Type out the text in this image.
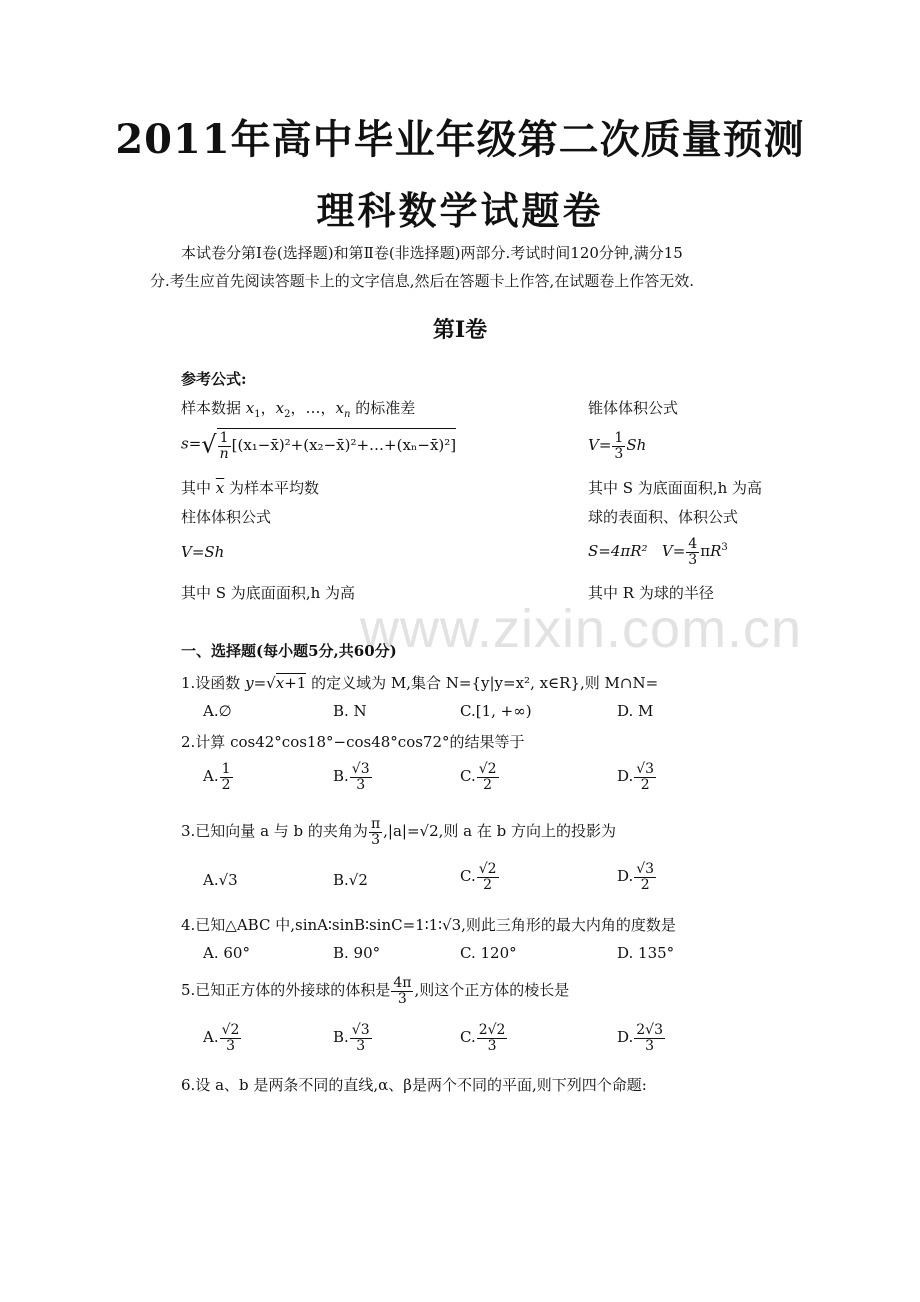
2011年高中毕业年级第二次质量预测
理科数学试题卷
本试卷分第Ⅰ卷(选择题)和第Ⅱ卷(非选择题)两部分.考试时间120分钟,满分15
分.考生应首先阅读答题卡上的文字信息,然后在答题卡上作答,在试题卷上作答无效.
第Ⅰ卷
www.zixin.com.cn
参考公式:
样本数据 $x_1$，$x_2$，…，$x_n$ 的标准差
$s=√ \frac{1}{n}$ [(x₁−x̄)²+(x₂−x̄)²+…+(xₙ−x̄)²]
其中 $\overline{x}$ 为样本平均数
柱体体积公式
V=Sh
其中 S 为底面面积,h 为高
锥体体积公式
$V= \frac{1}{3}$ Sh
其中 S 为底面面积,h 为高
球的表面积、体积公式
S=4πR² $V= \frac{4}{3} \pi R^3$
其中 R 为球的半径
一、选择题(每小题5分,共60分)
1.设函数 y=√x+1 的定义域为 M,集合 N={y|y=x², x∈R},则 M∩N=
A.∅	B. N	C.[1, +∞)	D. M
2.计算 cos42°cos18°−cos48°cos72°的结果等于
A. $\frac{1}{2}$	B. $\frac{√3}{3}$	C. $\frac{√2}{2}$	D. $\frac{√3}{2}$
3.已知向量 a 与 b 的夹角为 $\frac{\pi}{3} ,|a|=√2$,则 a 在 b 方向上的投影为
A.√3	B.√2	C. $\frac{√2}{2}$	D. $\frac{√3}{2}$
4.已知△ABC 中,sinA∶sinB∶sinC=1∶1∶√3,则此三角形的最大内角的度数是
A. 60°	B. 90°	C. 120°	D. 135°
5.已知正方体的外接球的体积是 $\frac{4\pi}{3}$ ,则这个正方体的棱长是
A. $\frac{√2}{3}$	B. $\frac{√3}{3}$	C. $\frac{2√2}{3}$	D. $\frac{2√3}{3}$
6.设 a、b 是两条不同的直线,α、β是两个不同的平面,则下列四个命题:
